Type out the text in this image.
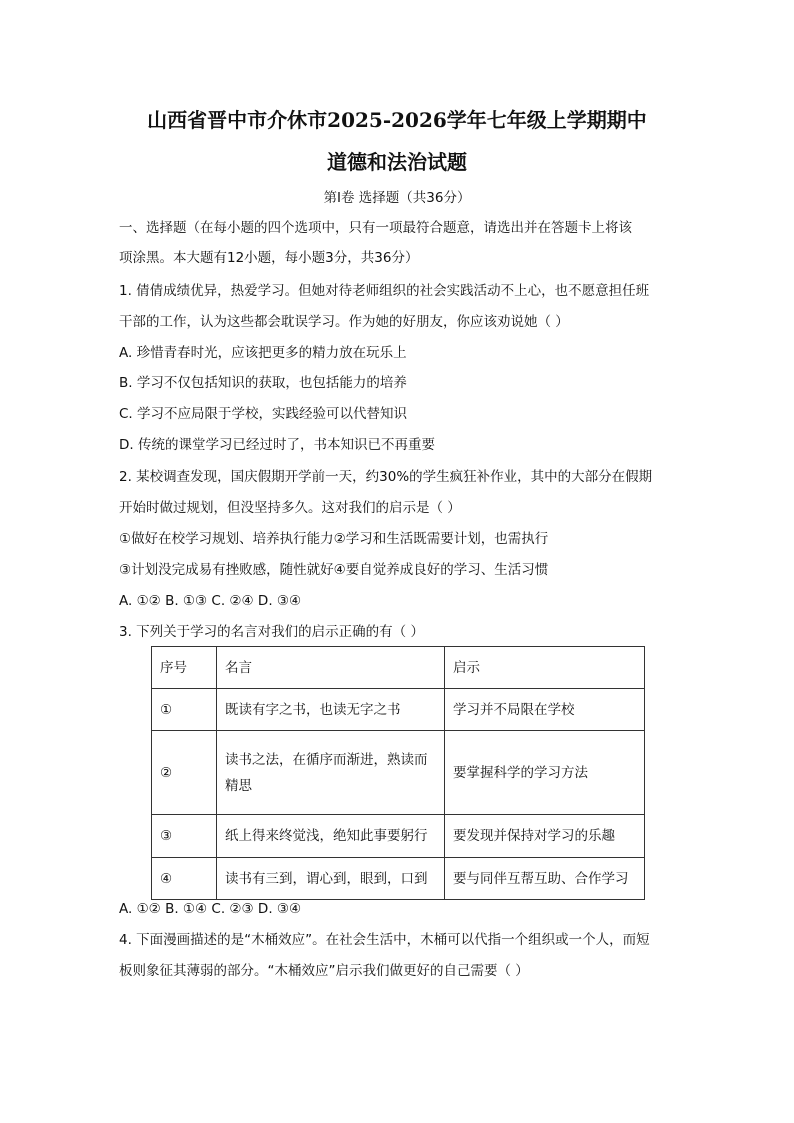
山西省晋中市介休市2025-2026学年七年级上学期期中
道德和法治试题
第Ⅰ卷 选择题（共36分）
一、选择题（在每小题的四个选项中，只有一项最符合题意，请选出并在答题卡上将该
项涂黑。本大题有12小题，每小题3分，共36分）
1. 倩倩成绩优异，热爱学习。但她对待老师组织的社会实践活动不上心，也不愿意担任班
干部的工作，认为这些都会耽误学习。作为她的好朋友，你应该劝说她（ ）
A. 珍惜青春时光，应该把更多的精力放在玩乐上
B. 学习不仅包括知识的获取，也包括能力的培养
C. 学习不应局限于学校，实践经验可以代替知识
D. 传统的课堂学习已经过时了，书本知识已不再重要
2. 某校调查发现，国庆假期开学前一天，约30%的学生疯狂补作业，其中的大部分在假期
开始时做过规划，但没坚持多久。这对我们的启示是（ ）
①做好在校学习规划、培养执行能力②学习和生活既需要计划，也需执行
③计划没完成易有挫败感，随性就好④要自觉养成良好的学习、生活习惯
A. ①② B. ①③ C. ②④ D. ③④
3. 下列关于学习的名言对我们的启示正确的有（ ）
序号	名言	启示
①	既读有字之书，也读无字之书	学习并不局限在学校
②	读书之法，在循序而渐进，熟读而
精思	要掌握科学的学习方法
③	纸上得来终觉浅，绝知此事要躬行	要发现并保持对学习的乐趣
④	读书有三到，谓心到，眼到，口到	要与同伴互帮互助、合作学习
A. ①② B. ①④ C. ②③ D. ③④
4. 下面漫画描述的是“木桶效应”。在社会生活中，木桶可以代指一个组织或一个人，而短
板则象征其薄弱的部分。“木桶效应”启示我们做更好的自己需要（ ）
